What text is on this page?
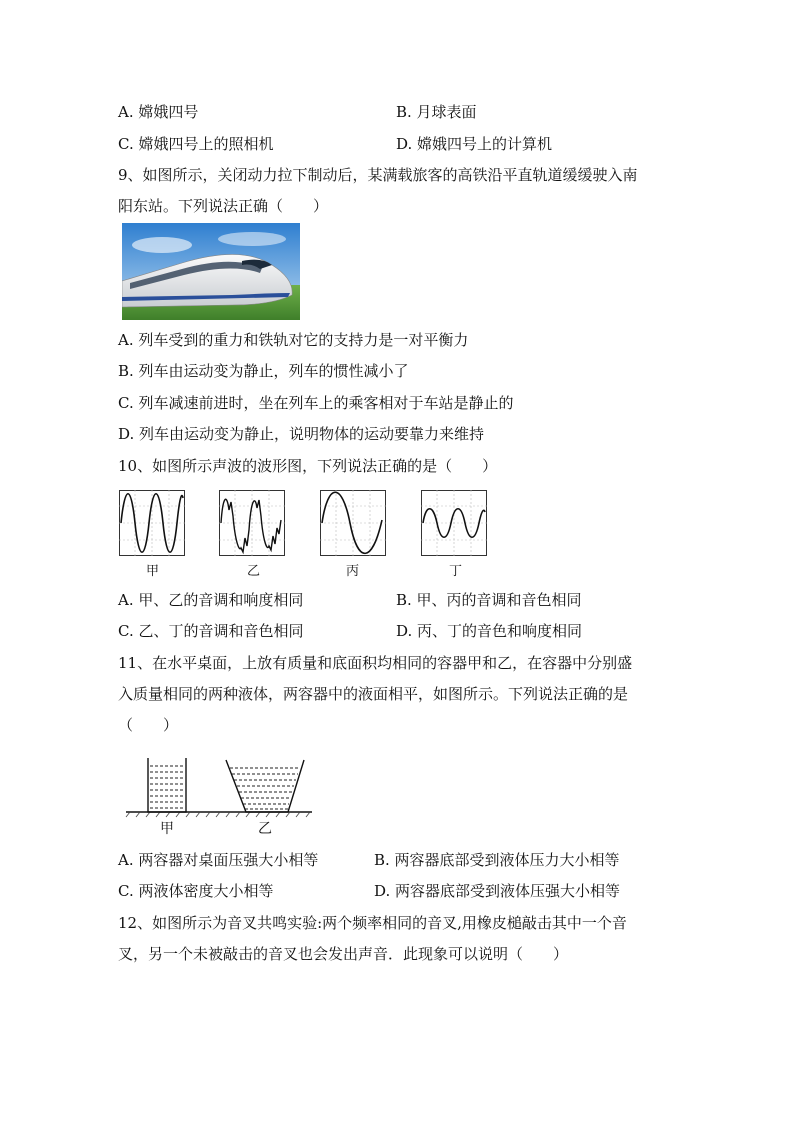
A. 嫦娥四号	B. 月球表面
C. 嫦娥四号上的照相机	D. 嫦娥四号上的计算机
9、如图所示，关闭动力拉下制动后，某满载旅客的高铁沿平直轨道缓缓驶入南
阳东站。下列说法正确（　　）
A. 列车受到的重力和铁轨对它的支持力是一对平衡力
B. 列车由运动变为静止，列车的惯性减小了
C. 列车减速前进时，坐在列车上的乘客相对于车站是静止的
D. 列车由运动变为静止，说明物体的运动要靠力来维持
10、如图所示声波的波形图，下列说法正确的是（　　）
甲	乙	丙	丁
A. 甲、乙的音调和响度相同	B. 甲、丙的音调和音色相同
C. 乙、丁的音调和音色相同	D. 丙、丁的音色和响度相同
11、在水平桌面，上放有质量和底面积均相同的容器甲和乙，在容器中分别盛
入质量相同的两种液体，两容器中的液面相平，如图所示。下列说法正确的是
（　　）
甲	乙
A. 两容器对桌面压强大小相等	B. 两容器底部受到液体压力大小相等
C. 两液体密度大小相等	D. 两容器底部受到液体压强大小相等
12、如图所示为音叉共鸣实验:两个频率相同的音叉,用橡皮槌敲击其中一个音
叉，另一个未被敲击的音叉也会发出声音．此现象可以说明（　　）
